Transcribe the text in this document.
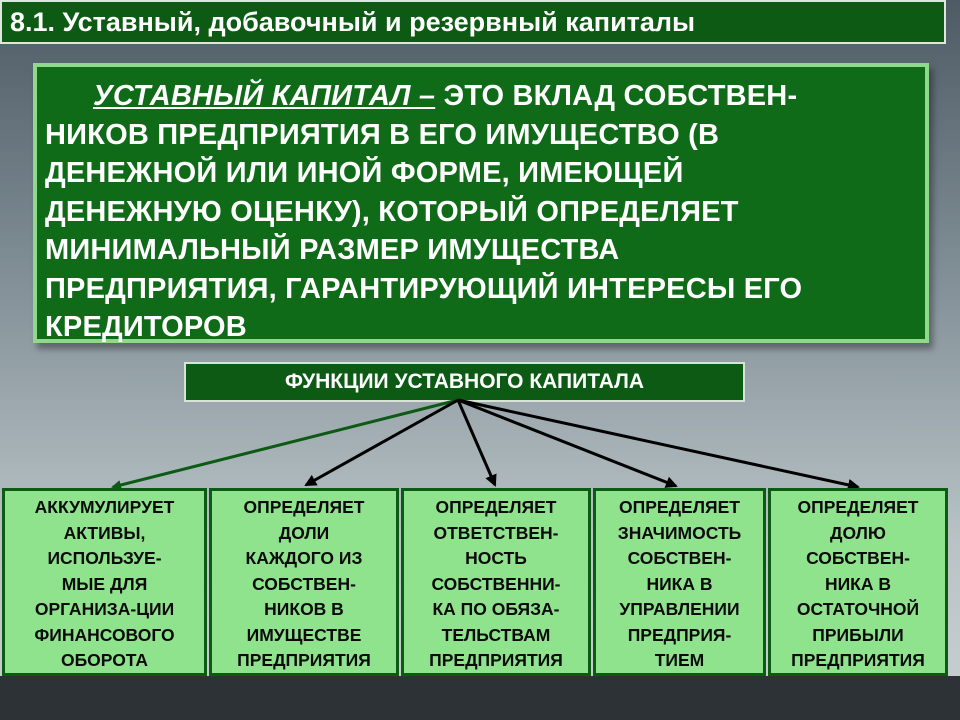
8.1. Уставный, добавочный и резервный капиталы
УСТАВНЫЙ КАПИТАЛ – ЭТО ВКЛАД СОБСТВЕН-
НИКОВ ПРЕДПРИЯТИЯ В ЕГО ИМУЩЕСТВО (В
ДЕНЕЖНОЙ ИЛИ ИНОЙ ФОРМЕ, ИМЕЮЩЕЙ
ДЕНЕЖНУЮ ОЦЕНКУ), КОТОРЫЙ ОПРЕДЕЛЯЕТ
МИНИМАЛЬНЫЙ РАЗМЕР ИМУЩЕСТВА
ПРЕДПРИЯТИЯ, ГАРАНТИРУЮЩИЙ ИНТЕРЕСЫ ЕГО
КРЕДИТОРОВ
ФУНКЦИИ УСТАВНОГО КАПИТАЛА
АККУМУЛИРУЕТ
АКТИВЫ,
ИСПОЛЬЗУЕ-
МЫЕ ДЛЯ
ОРГАНИЗА-ЦИИ
ФИНАНСОВОГО
ОБОРОТА
ОПРЕДЕЛЯЕТ
ДОЛИ
КАЖДОГО ИЗ
СОБСТВЕН-
НИКОВ В
ИМУЩЕСТВЕ
ПРЕДПРИЯТИЯ
ОПРЕДЕЛЯЕТ
ОТВЕТСТВЕН-
НОСТЬ
СОБСТВЕННИ-
КА ПО ОБЯЗА-
ТЕЛЬСТВАМ
ПРЕДПРИЯТИЯ
ОПРЕДЕЛЯЕТ
ЗНАЧИМОСТЬ
СОБСТВЕН-
НИКА В
УПРАВЛЕНИИ
ПРЕДПРИЯ-
ТИЕМ
ОПРЕДЕЛЯЕТ
ДОЛЮ
СОБСТВЕН-
НИКА В
ОСТАТОЧНОЙ
ПРИБЫЛИ
ПРЕДПРИЯТИЯ
